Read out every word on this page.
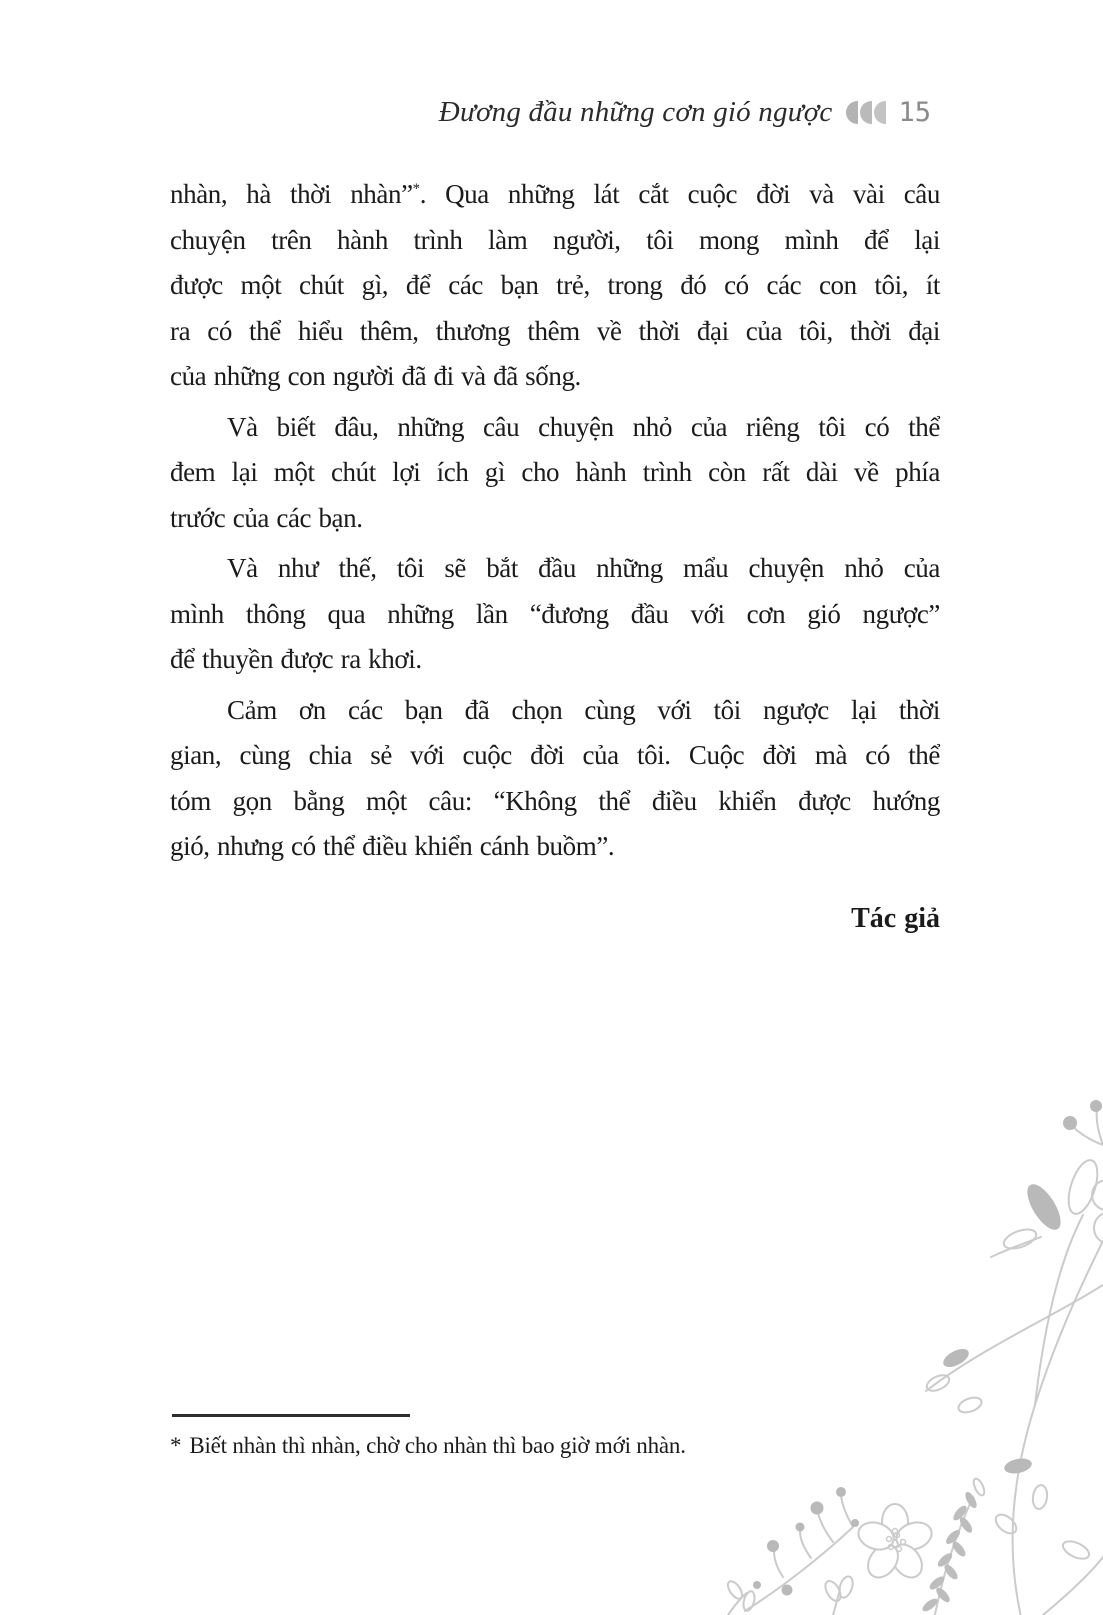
Đương đầu những cơn gió ngược 15
nhàn, hà thời nhàn”*. Qua những lát cắt cuộc đời và vài câu
chuyện trên hành trình làm người, tôi mong mình để lại
được một chút gì, để các bạn trẻ, trong đó có các con tôi, ít
ra có thể hiểu thêm, thương thêm về thời đại của tôi, thời đại
của những con người đã đi và đã sống.
Và biết đâu, những câu chuyện nhỏ của riêng tôi có thể
đem lại một chút lợi ích gì cho hành trình còn rất dài về phía
trước của các bạn.
Và như thế, tôi sẽ bắt đầu những mẩu chuyện nhỏ của
mình thông qua những lần “đương đầu với cơn gió ngược”
để thuyền được ra khơi.
Cảm ơn các bạn đã chọn cùng với tôi ngược lại thời
gian, cùng chia sẻ với cuộc đời của tôi. Cuộc đời mà có thể
tóm gọn bằng một câu: “Không thể điều khiển được hướng
gió, nhưng có thể điều khiển cánh buồm”.
Tác giả
* Biết nhàn thì nhàn, chờ cho nhàn thì bao giờ mới nhàn.
